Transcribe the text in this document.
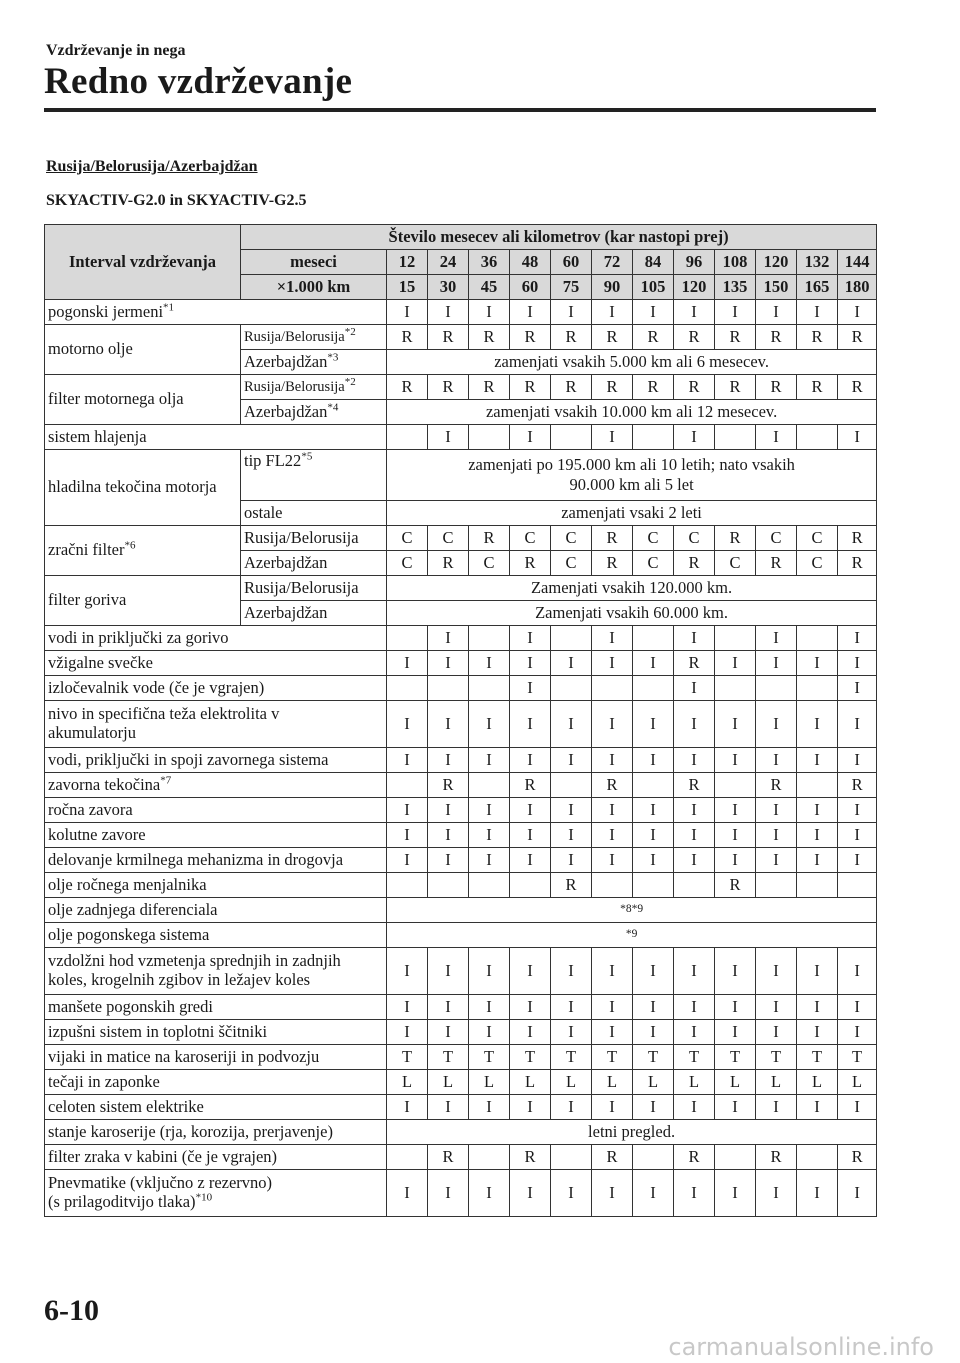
Vzdrževanje in nega
Redno vzdrževanje
Rusija/Belorusija/Azerbajdžan
SKYACTIV-G2.0 in SKYACTIV-G2.5
Interval vzdrževanja	Število mesecev ali kilometrov (kar nastopi prej)												
	meseci	12	24	36	48	60	72	84	96	108	120	132	144
	×1.000 km	15	30	45	60	75	90	105	120	135	150	165	180
pogonski jermeni$^{*1}$		I	I	I	I	I	I	I	I	I	I	I	I
motorno olje	Rusija/Belorusija$^{*2}$	R	R	R	R	R	R	R	R	R	R	R	R
	Azerbajdžan$^{*3}$	zamenjati vsakih 5.000 km ali 6 mesecev.											
filter motornega olja	Rusija/Belorusija$^{*2}$	R	R	R	R	R	R	R	R	R	R	R	R
	Azerbajdžan$^{*4}$	zamenjati vsakih 10.000 km ali 12 mesecev.											
sistem hlajenja			I		I		I		I		I		I
hladilna tekočina motorja	tip FL22$^{*5}$	zamenjati po 195.000 km ali 10 letih; nato vsakih
90.000 km ali 5 let											
	ostale	zamenjati vsaki 2 leti											
zračni filter$^{*6}$	Rusija/Belorusija	C	C	R	C	C	R	C	C	R	C	C	R
	Azerbajdžan	C	R	C	R	C	R	C	R	C	R	C	R
filter goriva	Rusija/Belorusija	Zamenjati vsakih 120.000 km.											
	Azerbajdžan	Zamenjati vsakih 60.000 km.											
vodi in priključki za gorivo			I		I		I		I		I		I
vžigalne svečke		I	I	I	I	I	I	I	R	I	I	I	I
izločevalnik vode (če je vgrajen)					I				I				I
nivo in specifična teža elektrolita v
akumulatorju		I	I	I	I	I	I	I	I	I	I	I	I
vodi, priključki in spoji zavornega sistema		I	I	I	I	I	I	I	I	I	I	I	I
zavorna tekočina$^{*7}$			R		R		R		R		R		R
ročna zavora		I	I	I	I	I	I	I	I	I	I	I	I
kolutne zavore		I	I	I	I	I	I	I	I	I	I	I	I
delovanje krmilnega mehanizma in drogovja		I	I	I	I	I	I	I	I	I	I	I	I
olje ročnega menjalnika						R				R			
olje zadnjega diferenciala		*8*9											
olje pogonskega sistema		*9											
vzdolžni hod vzmetenja sprednjih in zadnjih
koles, krogelnih zgibov in ležajev koles		I	I	I	I	I	I	I	I	I	I	I	I
manšete pogonskih gredi		I	I	I	I	I	I	I	I	I	I	I	I
izpušni sistem in toplotni ščitniki		I	I	I	I	I	I	I	I	I	I	I	I
vijaki in matice na karoseriji in podvozju		T	T	T	T	T	T	T	T	T	T	T	T
tečaji in zaponke		L	L	L	L	L	L	L	L	L	L	L	L
celoten sistem elektrike		I	I	I	I	I	I	I	I	I	I	I	I
stanje karoserije (rja, korozija, prerjavenje)		letni pregled.											
filter zraka v kabini (če je vgrajen)			R		R		R		R		R		R
Pnevmatike (vključno z rezervno)
(s prilagoditvijo tlaka)$^{*10}$		I	I	I	I	I	I	I	I	I	I	I	I
6-10
carmanualsonline.info
